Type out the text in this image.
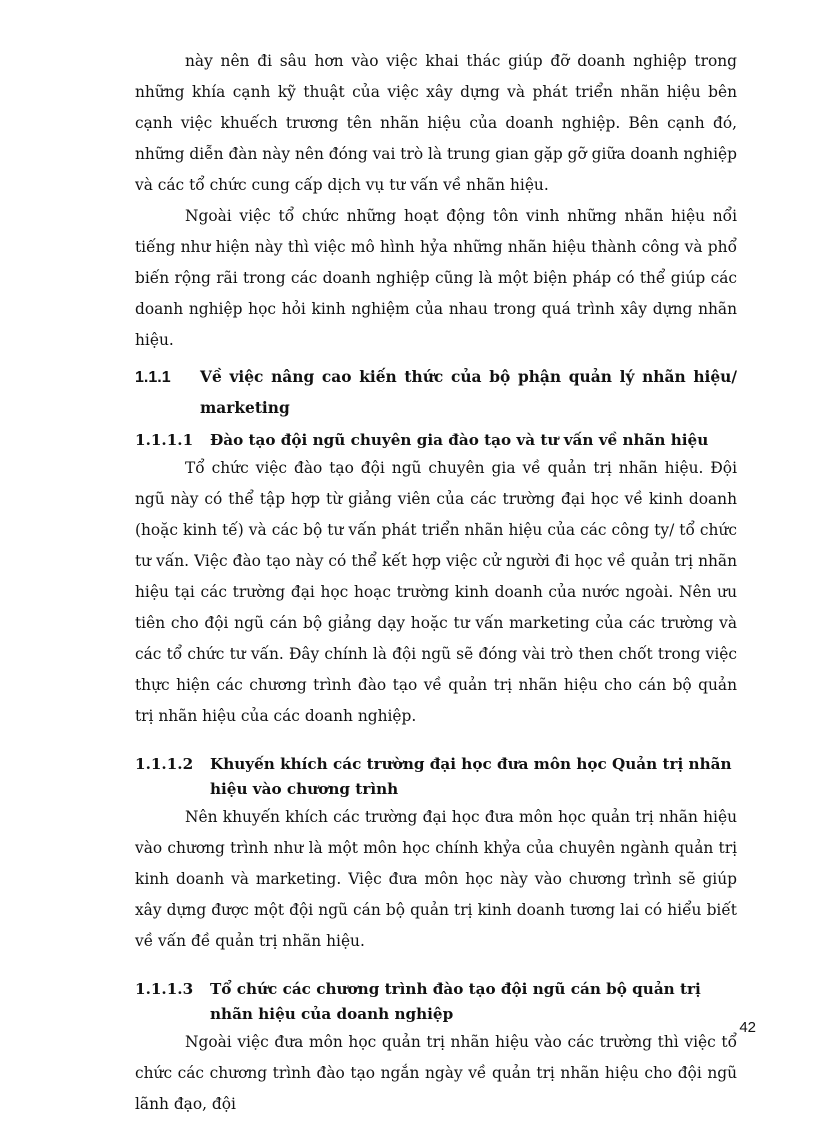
này nên đi sâu hơn vào việc khai thác giúp đỡ doanh nghiệp trong những khía cạnh kỹ thuật của việc xây dựng và phát triển nhãn hiệu bên cạnh việc khuếch trương tên nhãn hiệu của doanh nghiệp. Bên cạnh đó, những diễn đàn này nên đóng vai trò là trung gian gặp gỡ giữa doanh nghiệp và các tổ chức cung cấp dịch vụ tư vấn về nhãn hiệu.

Ngoài việc tổ chức những hoạt động tôn vinh những nhãn hiệu nổi tiếng như hiện này thì việc mô hình hỷa những nhãn hiệu thành công và phổ biến rộng rãi trong các doanh nghiệp cũng là một biện pháp có thể giúp các doanh nghiệp học hỏi kinh nghiệm của nhau trong quá trình xây dựng nhãn hiệu.

1.1.1	Về việc nâng cao kiến thức của bộ phận quản lý nhãn hiệu/ marketing
1.1.1.1	Đào tạo đội ngũ chuyên gia đào tạo và tư vấn về nhãn hiệu

Tổ chức việc đào tạo đội ngũ chuyên gia về quản trị nhãn hiệu. Đội ngũ này có thể tập hợp từ giảng viên của các trường đại học về kinh doanh (hoặc kinh tế) và các bộ tư vấn phát triển nhãn hiệu của các công ty/ tổ chức tư vấn. Việc đào tạo này có thể kết hợp việc cử người đi học về quản trị nhãn hiệu tại các trường đại học hoạc trường kinh doanh của nước ngoài. Nên ưu tiên cho đội ngũ cán bộ giảng dạy hoặc tư vấn marketing của các trường và các tổ chức tư vấn. Đây chính là đội ngũ sẽ đóng vài trò then chốt trong việc thực hiện các chương trình đào tạo về quản trị nhãn hiệu cho cán bộ quản trị nhãn hiệu của các doanh nghiệp.

1.1.1.2	Khuyến khích các trường đại học đưa môn học Quản trị nhãn hiệu vào chương trình

Nên khuyến khích các trường đại học đưa môn học quản trị nhãn hiệu vào chương trình như là một môn học chính khỷa của chuyên ngành quản trị kinh doanh và marketing. Việc đưa môn học này vào chương trình sẽ giúp xây dựng được một đội ngũ cán bộ quản trị kinh doanh tương lai có hiểu biết về vấn đề quản trị nhãn hiệu.

1.1.1.3	Tổ chức các chương trình đào tạo đội ngũ cán bộ quản trị nhãn hiệu của doanh nghiệp

Ngoài việc đưa môn học quản trị nhãn hiệu vào các trường thì việc tổ chức các chương trình đào tạo ngắn ngày về quản trị nhãn hiệu cho đội ngũ lãnh đạo, đội

42
